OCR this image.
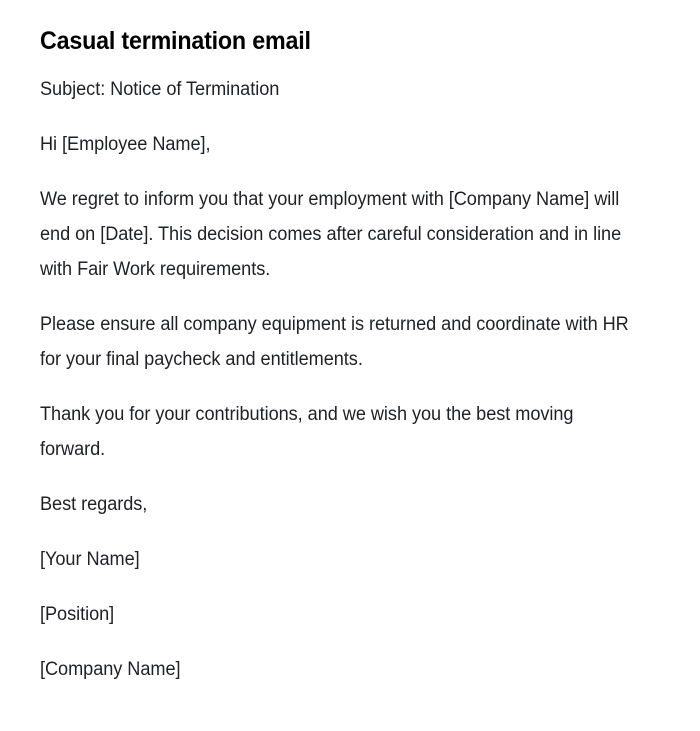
Casual termination email

Subject: Notice of Termination

Hi [Employee Name],

We regret to inform you that your employment with [Company Name] will end on [Date]. This decision comes after careful consideration and in line with Fair Work requirements.

Please ensure all company equipment is returned and coordinate with HR for your final paycheck and entitlements.

Thank you for your contributions, and we wish you the best moving forward.

Best regards,

[Your Name]

[Position]

[Company Name]
